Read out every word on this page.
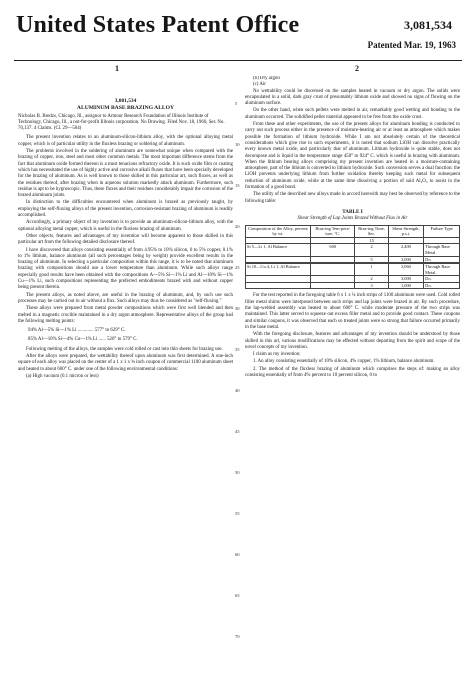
United States Patent Office	3,081,534
Patented Mar. 19, 1963
1	2
3,081,534
ALUMINUM BASE BRAZING ALLOY
Nicholas B. Bredzs, Chicago, Ill., assignor to Armour Research Foundation of Illinois Institute of Technology, Chicago, Ill., a not-for-profit Illinois corporation. No Drawing. Filed Nov. 18, 1960, Ser. No. 70,137. 4 Claims. (Cl. 29—504)

The present invention relates to an aluminum-silicon-lithium alloy, with the optional alloying metal copper, which is of particular utility in the fluxless brazing or soldering of aluminum.

The problems involved in the soldering of aluminum are somewhat unique when compared with the brazing of copper, iron, steel and most other common metals. The most important difference stems from the fact that aluminum oxide formed thereon is a most tenacious refractory oxide. It is such oxide film or coating which has necessitated the use of highly active and corrosive alkali fluxes that have been specially developed for the brazing of aluminum. As is well known to those skilled in this particular art, such fluxes, as well as the residues thereof, after brazing when in aqueous solution markedly attack aluminum. Furthermore, such residue is apt to be hygroscopic. Thus, these fluxes and their residues considerably impair the corrosion of the brazed aluminum joints.

In distinction to the difficulties encountered when aluminum is brazed as previously taught, by employing the self-fluxing alloys of the present invention, corrosion-resistant brazing of aluminum is readily accomplished.

Accordingly, a primary object of my invention is to provide an aluminum-silicon-lithium alloy, with the optional alloying metal copper, which is useful in the fluxless brazing of aluminum.

Other objects, features and advantages of my invention will become apparent to those skilled in this particular art from the following detailed disclosure thereof.

I have discovered that alloys consisting essentially of from 4.95% to 10% silicon, 0 to 5% copper, 0.1% to 1% lithium, balance aluminum (all such percentages being by weight) provide excellent results in the brazing of aluminum. In selecting a particular composition within this range, it is to be noted that aluminum brazing with compositions should use a lower temperature than aluminum. While such alloys range especially good results have been obtained with the compositions A—5% Si—1% Li and Al—10% Si—1% Cu—1% Li, such compositions representing the preferred embodiments brazed with and without copper being present therein.

The present alloys, as noted above, are useful in the brazing of aluminum, and, by such use such processes may be carried out in air without a flux. Such alloys may thus be considered as "self-fluxing."

These alloys were prepared from metal powder compositions which were first well blended and then melted in a magnetic crucible maintained in a dry argon atmosphere. Representative alloys of the group had the following melting points:

94% Al—5% Si—1% Li ............. 577° to 629° C.
85% Al—10% Si—4% Cu—1% Li ...... 520° to 579° C.

Following melting of the alloys, the samples were cold rolled or cast into thin sheets for brazing use.

After the alloys were prepared, the wettability thereof upon aluminum was first determined. A one-inch square of each alloy was placed on the center of a 1 x 1 x ¾ inch coupon of commercial 1100 aluminum sheet and heated to about 600° C. under one of the following environmental conditions:

(a) High vacuum (0.1 micron or less)
5
10
15
20
25
30
35
40
45
50
55
60
65
70
(b) Dry argon
(c) Air

No wettability could be discerned on the samples heated in vacuum or dry argon. The solids were encapsulated in a solid, dark gray crust of presumably lithium oxide and showed no signs of flowing on the aluminum surface.

On the other hand, when such pellets were melted in air, remarkably good wetting and bonding to the aluminum occurred. The solidified pellet material appeared to be free from the oxide crust.

From these and other experiments, the use of the present alloys for aluminum bonding is conducted to carry out such process either in the presence of moisture-bearing air or at least an atmosphere which makes possible the formation of lithium hydroxide. While I am not absolutely certain of the theoretical considerations which give rise to such experiments, it is noted that sodium LiOH can dissolve practically every known metal oxide, and particularly that of aluminum. Lithium hydroxide is quite stable, does not decompose and is liquid in the temperature range 450° to 924° C. which is useful in brazing with aluminum. When the lithium bearing alloys comprising my present invention are heated in a moisture-containing atmosphere, part of the lithium is converted to lithium hydroxide. Such conversion serves a dual function: the LiOH prevents underlying lithium from further oxidation thereby keeping such metal for subsequent reduction of aluminum oxide, while at the same time dissolving a portion of said Al₂O₃ to assist in the formation of a good bond.

The utility of the described new alloys made in accord herewith may best be observed by reference to the following table:

TABLE I
Shear Strength of Lap Joints Brazed Without Flux in Air
Composition of the Alloy, percent by wt.	Braz-ing Tem-pera-ture, °C.	Braz-ing Time, Sec.	Shear Strength, p.s.i.	Failure Type
		15		
Si 5—Li 1, Al Balance	600	2	2,400	Through Base Metal.
		5	3,000	Do.

Si 10—Cu 4, Li 1, Al Balance		1	3,060	Through Base Metal.
		2	3,000	Do.
		3	1,000	Do.

For the test reported in the foregoing table 6 x 1 x ¼ inch strips of 1100 aluminum were used. Cold rolled filler metal shims were interposed between such strips and lap joints were brazed in air. By such procedure, the lap-welded assembly was heated to about 600° C. while moderate pressure of the two strips was maintained. This latter served to squeeze out excess filler metal and to provide good contact. These coupons and similar coupons, it was observed that each so treated joints were so strong that failure occurred primarily in the base metal.

With the foregoing disclosure, features and advantages of my invention should be understood by those skilled in this art, various modifications may be effected without departing from the spirit and scope of the novel concepts of my invention.

I claim as my invention:

1. An alloy consisting essentially of 10% silicon, 4% copper, 1% lithium, balance aluminum.

2. The method of the fluxless brazing of aluminum which comprises the steps of: making an alloy consisting essentially of from 4% percent to 10 percent silicon, 0 to
